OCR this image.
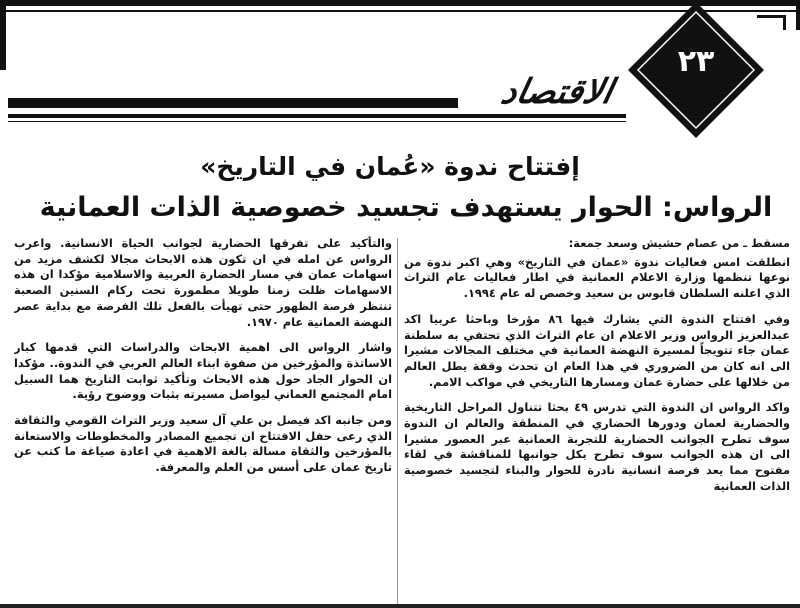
٢٣
الاقتصاد
إفتتاح ندوة «عُمان في التاريخ»
الرواس: الحوار يستهدف تجسيد خصوصية الذات العمانية

مسقط ـ من عصام حشيش وسعد جمعة:

انطلقت امس فعاليات ندوة «عمان في التاريخ» وهي اكبر ندوة من نوعها تنظمها وزارة الاعلام العمانية في اطار فعاليات عام التراث الذي اعلنه السلطان قابوس بن سعيد وخصص له عام ١٩٩٤.

وفي افتتاح الندوة التي يشارك فيها ٨٦ مؤرخا وباحثا عربيا اكد عبدالعزيز الرواس وزير الاعلام ان عام التراث الذي تحتفي به سلطنة عمان جاء تتويجاً لمسيرة النهضة العمانية في مختلف المجالات مشيرا الى انه كان من الضروري في هذا العام ان تحدث وقفة يطل العالم من خلالها على حضارة عمان ومسارها التاريخي في مواكب الامم.

واكد الرواس ان الندوة التي تدرس ٤٩ بحثا تتناول المراحل التاريخية والحضارية لعمان ودورها الحضاري في المنطقة والعالم ان الندوة سوف تطرح الجوانب الحضارية للتجربة العمانية عبر العصور مشيرا الى ان هذه الجوانب سوف تطرح بكل جوانبها للمناقشة في لقاء مفتوح مما يعد فرصة انسانية نادرة للحوار والبناء لتجسيد خصوصية الذات العمانية

والتأكيد على تفرقها الحضارية لجوانب الحياة الانسانية. واعرب الرواس عن امله في ان تكون هذه الابحاث مجالا لكشف مزيد من اسهامات عمان في مسار الحضارة العربية والاسلامية مؤكدا ان هذه الاسهامات ظلت زمنا طويلا مطمورة تحت ركام السنين الصعبة تنتظر فرصة الظهور حتى تهيأت بالفعل تلك الفرصة مع بداية عصر النهضة العمانية عام ١٩٧٠.

واشار الرواس الى اهمية الابحاث والدراسات التي قدمها كبار الاساتذة والمؤرخين من صفوة ابناء العالم العربي في الندوة.. مؤكدا ان الحوار الجاد حول هذه الابحاث وتأكيد ثوابت التاريخ هما السبيل امام المجتمع العماني ليواصل مسيرته بثبات ووضوح رؤية.

ومن جانبه اكد فيصل بن علي آل سعيد وزير التراث القومي والثقافة الذي رعى حفل الافتتاح ان تجميع المصادر والمخطوطات والاستعانة بالمؤرخين والثقاة مسالة بالغة الاهمية في اعادة صياغة ما كتب عن تاريخ عمان على أسس من العلم والمعرفة.
